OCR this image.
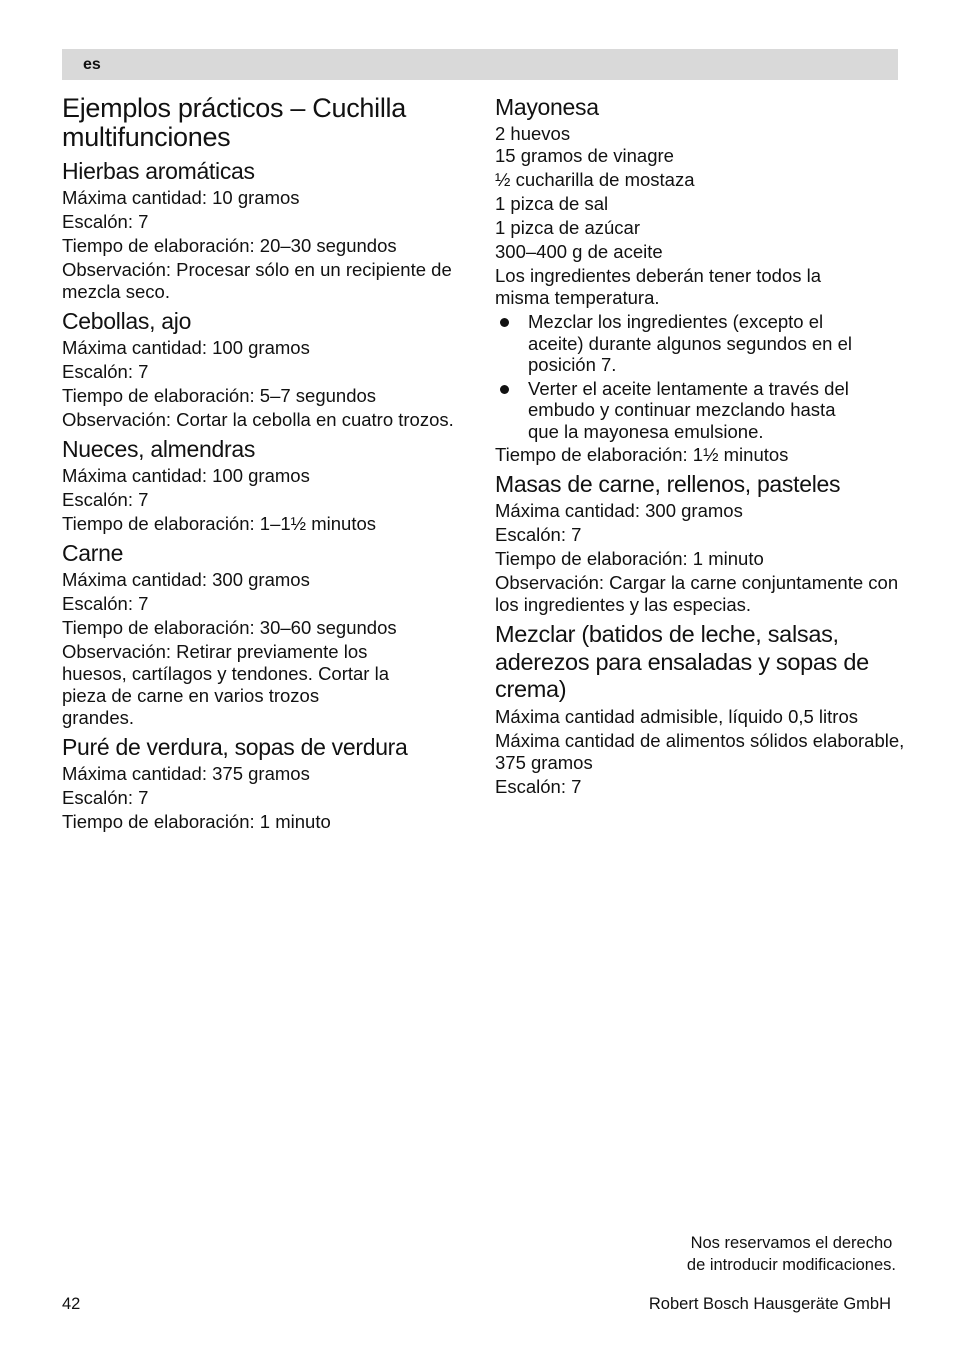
es
Ejemplos prácticos – Cuchilla multifunciones
Hierbas aromáticas

Máxima cantidad: 10 gramos

Escalón: 7

Tiempo de elaboración: 20–30 segundos

Observación: Procesar sólo en un recipiente de mezcla seco.

Cebollas, ajo

Máxima cantidad: 100 gramos

Escalón: 7

Tiempo de elaboración: 5–7 segundos

Observación: Cortar la cebolla en cuatro trozos.

Nueces, almendras

Máxima cantidad: 100 gramos

Escalón: 7

Tiempo de elaboración: 1–1½ minutos

Carne

Máxima cantidad: 300 gramos

Escalón: 7

Tiempo de elaboración: 30–60 segundos

Observación: Retirar previamente los huesos, cartílagos y tendones. Cortar la pieza de carne en varios trozos grandes.

Puré de verdura, sopas de verdura

Máxima cantidad: 375 gramos

Escalón: 7

Tiempo de elaboración: 1 minuto

Mayonesa

2 huevos

15 gramos de vinagre

½ cucharilla de mostaza

1 pizca de sal

1 pizca de azúcar

300–400 g de aceite

Los ingredientes deberán tener todos la misma temperatura.

Mezclar los ingredientes (excepto el aceite) durante algunos segundos en el posición 7.
Verter el aceite lentamente a través del embudo y continuar mezclando hasta que la mayonesa emulsione.

Tiempo de elaboración: 1½ minutos

Masas de carne, rellenos, pasteles

Máxima cantidad: 300 gramos

Escalón: 7

Tiempo de elaboración: 1 minuto

Observación: Cargar la carne conjuntamente con los ingredientes y las especias.

Mezclar (batidos de leche, salsas, aderezos para ensaladas y sopas de crema)

Máxima cantidad admisible, líquido 0,5 litros

Máxima cantidad de alimentos sólidos elaborable, 375 gramos

Escalón: 7

Nos reservamos el derecho
de introducir modificaciones.
42	Robert Bosch Hausgeräte GmbH
